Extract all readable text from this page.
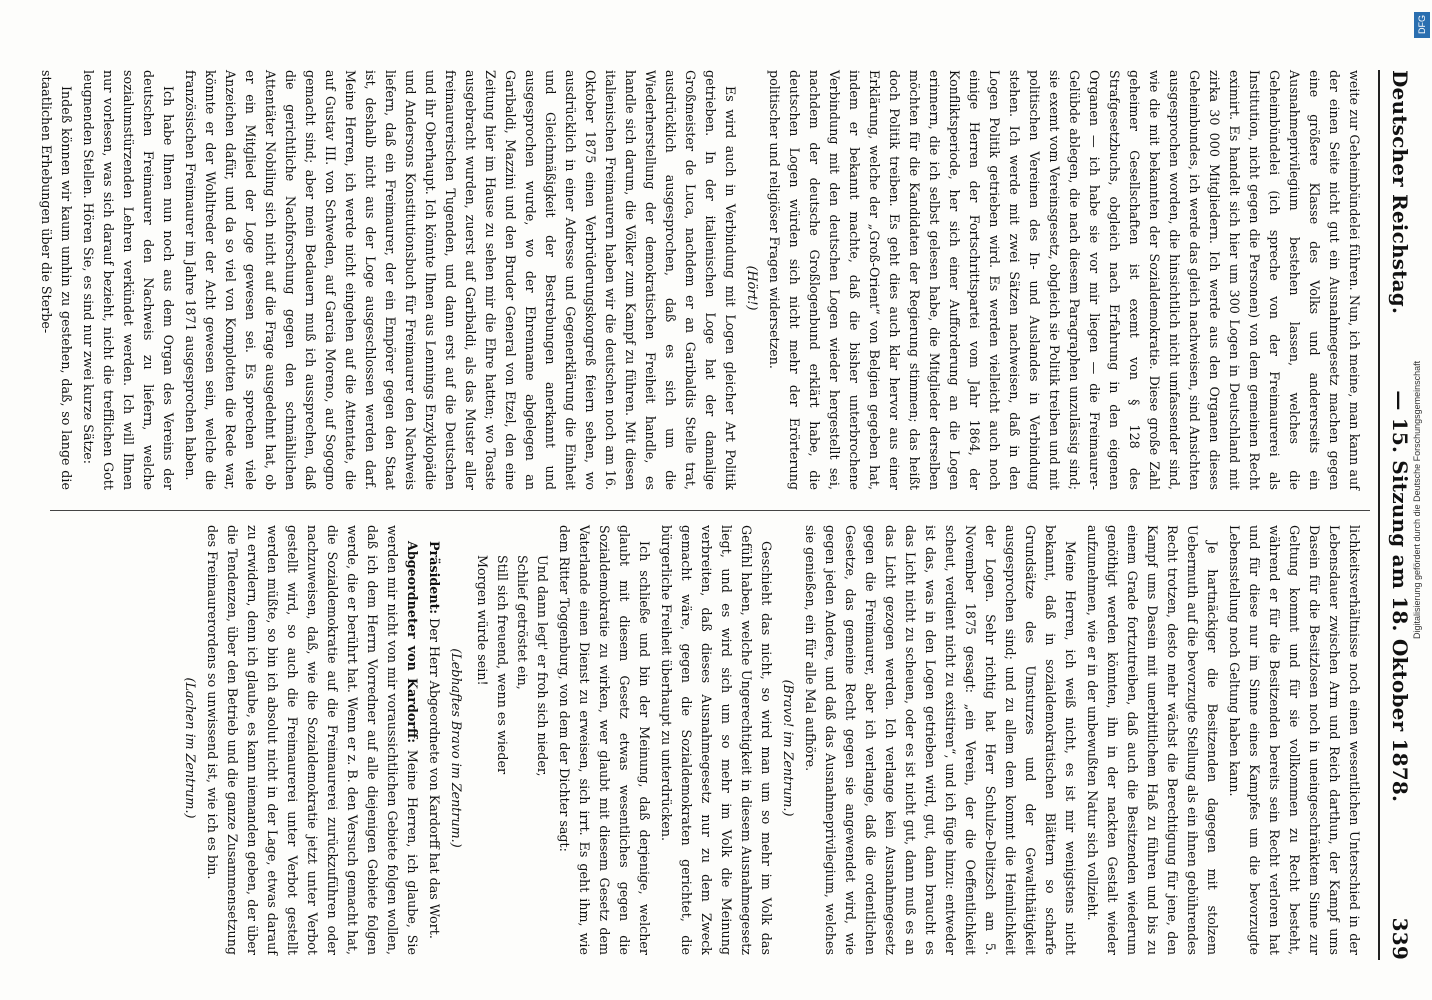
Deutscher Reichstag.
— 15. Sitzung am 18. Oktober 1878.
339

weite zur Geheimbündelei führen. Nun, ich meine, man kann auf der einen Seite nicht gut ein Ausnahmegesetz machen gegen eine größere Klasse des Volks und andererseits ein Ausnahmeprivilegium bestehen lassen, welches die Geheimbündelei (ich spreche von der Freimaurerei als Institution, nicht gegen die Personen) von dem gemeinen Recht eximirt. Es handelt sich hier um 300 Logen in Deutschland mit zirka 30 000 Mitgliedern. Ich werde aus den Organen dieses Geheimbundes, ich werde das gleich nachweisen, sind Ansichten ausgesprochen worden, die hinsichtlich nicht umfassender sind, wie die mit bekannten der Sozialdemokratie. Diese große Zahl geheimer Gesellschaften ist exemt von § 128 des Strafgesetzbuchs, obgleich nach Erfahrung in den eigenen Organen — ich habe sie vor mir liegen — die Freimaurer-Gelübde ablegen, die nach diesem Paragraphen unzulässig sind; sie exemt vom Vereinsgesetz, obgleich sie Politik treiben und mit politischen Vereinen des In- und Auslandes in Verbindung stehen. Ich werde mit zwei Sätzen nachweisen, daß in den Logen Politik getrieben wird. Es werden vielleicht auch noch einige Herren der Fortschrittspartei vom Jahr 1864, der Konfliktsperiode, her sich einer Aufforderung an die Logen erinnern, die ich selbst gelesen habe, die Mitglieder derselben möchten für die Kandidaten der Regierung stimmen; das heißt doch Politik treiben. Es geht dies auch klar hervor aus einer Erklärung, welche der „Groß-Orient“ von Belgien gegeben hat, indem er bekannt machte, daß die bisher unterbrochene Verbindung mit den deutschen Logen wieder hergestellt sei, nachdem der deutsche Großlogenbund erklärt habe, die deutschen Logen würden sich nicht mehr der Erörterung politischer und religiöser Fragen widersetzen.

(Hört!)

Es wird auch in Verbindung mit Logen gleicher Art Politik getrieben. In der italienischen Loge hat der damalige Großmeister de Luca, nachdem er an Garibaldis Stelle trat, ausdrücklich ausgesprochen, daß es sich um die Wiederherstellung der demokratischen Freiheit handle, es handle sich darum, die Völker zum Kampf zu führen. Mit diesen italienischen Freimaurern haben wir die deutschen noch am 16. Oktober 1875 einen Verbrüderungskongreß feiern sehen, wo ausdrücklich in einer Adresse und Gegenerklärung die Einheit und Gleichmäßigkeit der Bestrebungen anerkannt und ausgesprochen wurde, wo der Ehrenname abgelegen an Garibaldi, Mazzini und den Bruder General von Etzel, den eine Zeitung hier im Hause zu sehen mir die Ehre hatten; wo Toaste ausgebracht wurden, zuerst auf Garibaldi, als das Muster aller freimaurerischen Tugenden, und dann erst auf die Deutschen und ihr Oberhaupt. Ich könnte Ihnen aus Lennings Enzyklopädie und Andersons Konstitutionsbuch für Freimaurer den Nachweis liefern, daß ein Freimaurer, der ein Empörer gegen den Staat ist, deshalb nicht aus der Loge ausgeschlossen werden darf. Meine Herren, ich werde nicht eingehen auf die Attentate, die auf Gustav III. von Schweden, auf Garcia Moreno, auf Sogogno gemacht sind; aber mein Bedauern muß ich aussprechen, daß die gerichtliche Nachforschung gegen den schmählichen Attentäter Nobiling sich nicht auf die Frage ausgedehnt hat, ob er ein Mitglied der Loge gewesen sei. Es sprechen viele Anzeichen dafür, und da so viel von Komplotten die Rede war, könnte er der Wohltreder der Acht gewesen sein, welche die französischen Freimaurer im Jahre 1871 ausgesprochen haben.

Ich habe Ihnen nun noch aus dem Organ des Vereins der deutschen Freimaurer den Nachweis zu liefern, welche sozialumstürzenden Lehren verkündet werden. Ich will Ihnen nur vorlesen, was sich darauf bezieht, nicht die trefflichen Gott leugnenden Stellen. Hören Sie, es sind nur zwei kurze Sätze:

Indeß können wir kaum umhin zu gestehen, daß, so lange die staatlichen Erhebungen über die Sterbe-

lichkeitsverhältnisse noch einen wesentlichen Unterschied in der Lebensdauer zwischen Arm und Reich darthun, der Kampf ums Dasein für die Besitzlosen noch in uneingeschränktem Sinne zur Geltung kommt und für sie vollkommen zu Recht besteht, während er für die Besitzenden bereits sein Recht verloren hat und für diese nur im Sinne eines Kampfes um die bevorzugte Lebensstellung noch Geltung haben kann.

Je hartnäckiger die Besitzenden dagegen mit stolzem Uebermuth auf die bevorzugte Stellung als ein ihnen gebührendes Recht trotzen, desto mehr wächst die Berechtigung für jene, den Kampf ums Dasein mit unerbittlichem Haß zu führen und bis zu einem Grade fortzutreiben, daß auch die Besitzenden wiederum genöthigt werden könnten, ihn in der nackten Gestalt wieder aufzunehmen, wie er in der unbewußten Natur sich vollzieht.

Meine Herren, ich weiß nicht, es ist mir wenigstens nicht bekannt, daß in sozialdemokratischen Blättern so scharfe Grundsätze des Umsturzes und der Gewaltthätigkeit ausgesprochen sind; und zu allem dem kommt die Heimlichkeit der Logen. Sehr richtig hat Herr Schulze-Delitzsch am 5. November 1875 gesagt: „ein Verein, der die Oeffentlichkeit scheut, verdient nicht zu existiren“, und ich füge hinzu: entweder ist das, was in den Logen getrieben wird, gut, dann braucht es das Licht nicht zu scheuen, oder es ist nicht gut, dann muß es an das Licht gezogen werden. Ich verlange kein Ausnahmegesetz gegen die Freimaurer, aber ich verlange, daß die ordentlichen Gesetze, das gemeine Recht gegen sie angewendet wird, wie gegen jeden Andere, und daß das Ausnahmeprivilegium, welches sie genießen, ein für alle Mal aufhöre.

(Bravo! im Zentrum.)

Geschieht das nicht, so wird man um so mehr im Volk das Gefühl haben, welche Ungerechtigkeit in diesem Ausnahmegesetz liegt, und es wird sich um so mehr im Volk die Meinung verbreiten, daß dieses Ausnahmegesetz nur zu dem Zweck gemacht wäre, gegen die Sozialdemokraten gerichtet, die bürgerliche Freiheit überhaupt zu unterdrücken.

Ich schließe und bin der Meinung, daß derjenige, welcher glaubt mit diesem Gesetz etwas wesentliches gegen die Sozialdemokratie zu wirken, wer glaubt mit diesem Gesetz dem Vaterlande einen Dienst zu erweisen, sich irrt. Es geht ihm, wie dem Ritter Toggenburg, von dem der Dichter sagt:

Und dann legt' er froh sich nieder,
Schlief getröstet ein,
Still sich freuend, wenn es wieder
Morgen würde sein!

(Lebhaftes Bravo im Zentrum.)

Präsident: Der Herr Abgeordnete von Kardorff hat das Wort.

Abgeordneter von Kardorff: Meine Herren, ich glaube, Sie werden mir nicht von mir voraussichtlichen Gebiete folgen wollen, daß ich dem Herrn Vorredner auf alle diejenigen Gebiete folgen werde, die er berührt hat. Wenn er z. B. den Versuch gemacht hat, die Sozialdemokratie auf die Freimaurerei zurückzuführen oder nachzuweisen, daß, wie die Sozialdemokratie jetzt unter Verbot gestellt wird, so auch die Freimaurerei unter Verbot gestellt werden müßte, so bin ich absolut nicht in der Lage, etwas darauf zu erwidern, denn ich glaube, es kann niemanden geben, der über die Tendenzen, über den Betrieb und die ganze Zusammensetzung des Freimaurerordens so unwissend ist, wie ich es bin.

(Lachen im Zentrum.)

Digitalisierung gefördert durch die Deutsche Forschungsgemeinschaft
DFG
